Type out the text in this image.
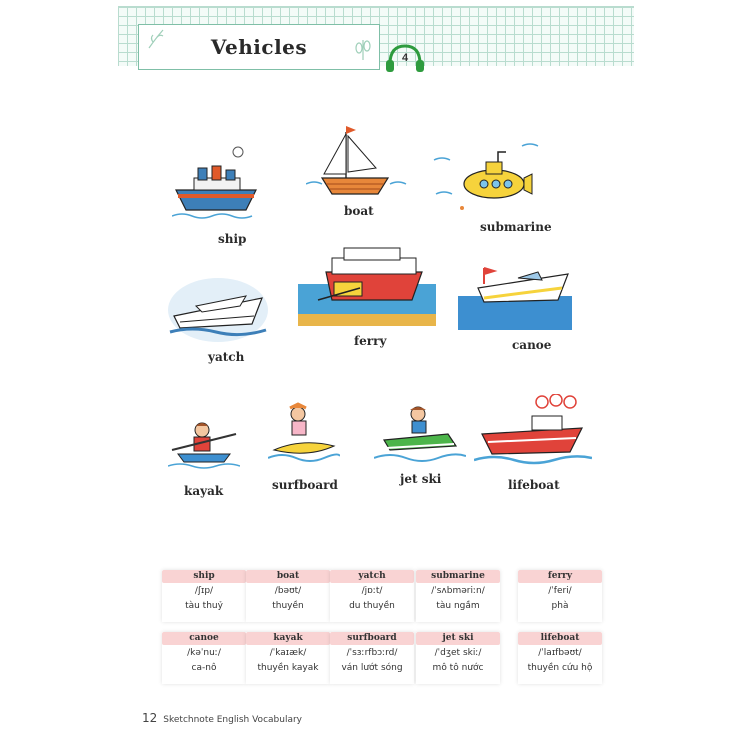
Vehicles	4
ship
boat
submarine
yatch
ferry	canoe
kayak	surfboard	jet ski	lifeboat
ship
/ʃɪp/
tàu thuỷ
boat
/bəʊt/
thuyền
yatch
/jɒːt/
du thuyền
submarine
/ˈsʌbməriːn/
tàu ngầm
ferry
/ˈferi/
phà
canoe
/kəˈnuː/
ca-nô
kayak
/ˈkaɪæk/
thuyền kayak
surfboard
/ˈsɜːrfbɔːrd/
ván lướt sóng
jet ski
/ˈdʒet skiː/
mô tô nước
lifeboat
/ˈlaɪfbəʊt/
thuyền cứu hộ
12 Sketchnote English Vocabulary
